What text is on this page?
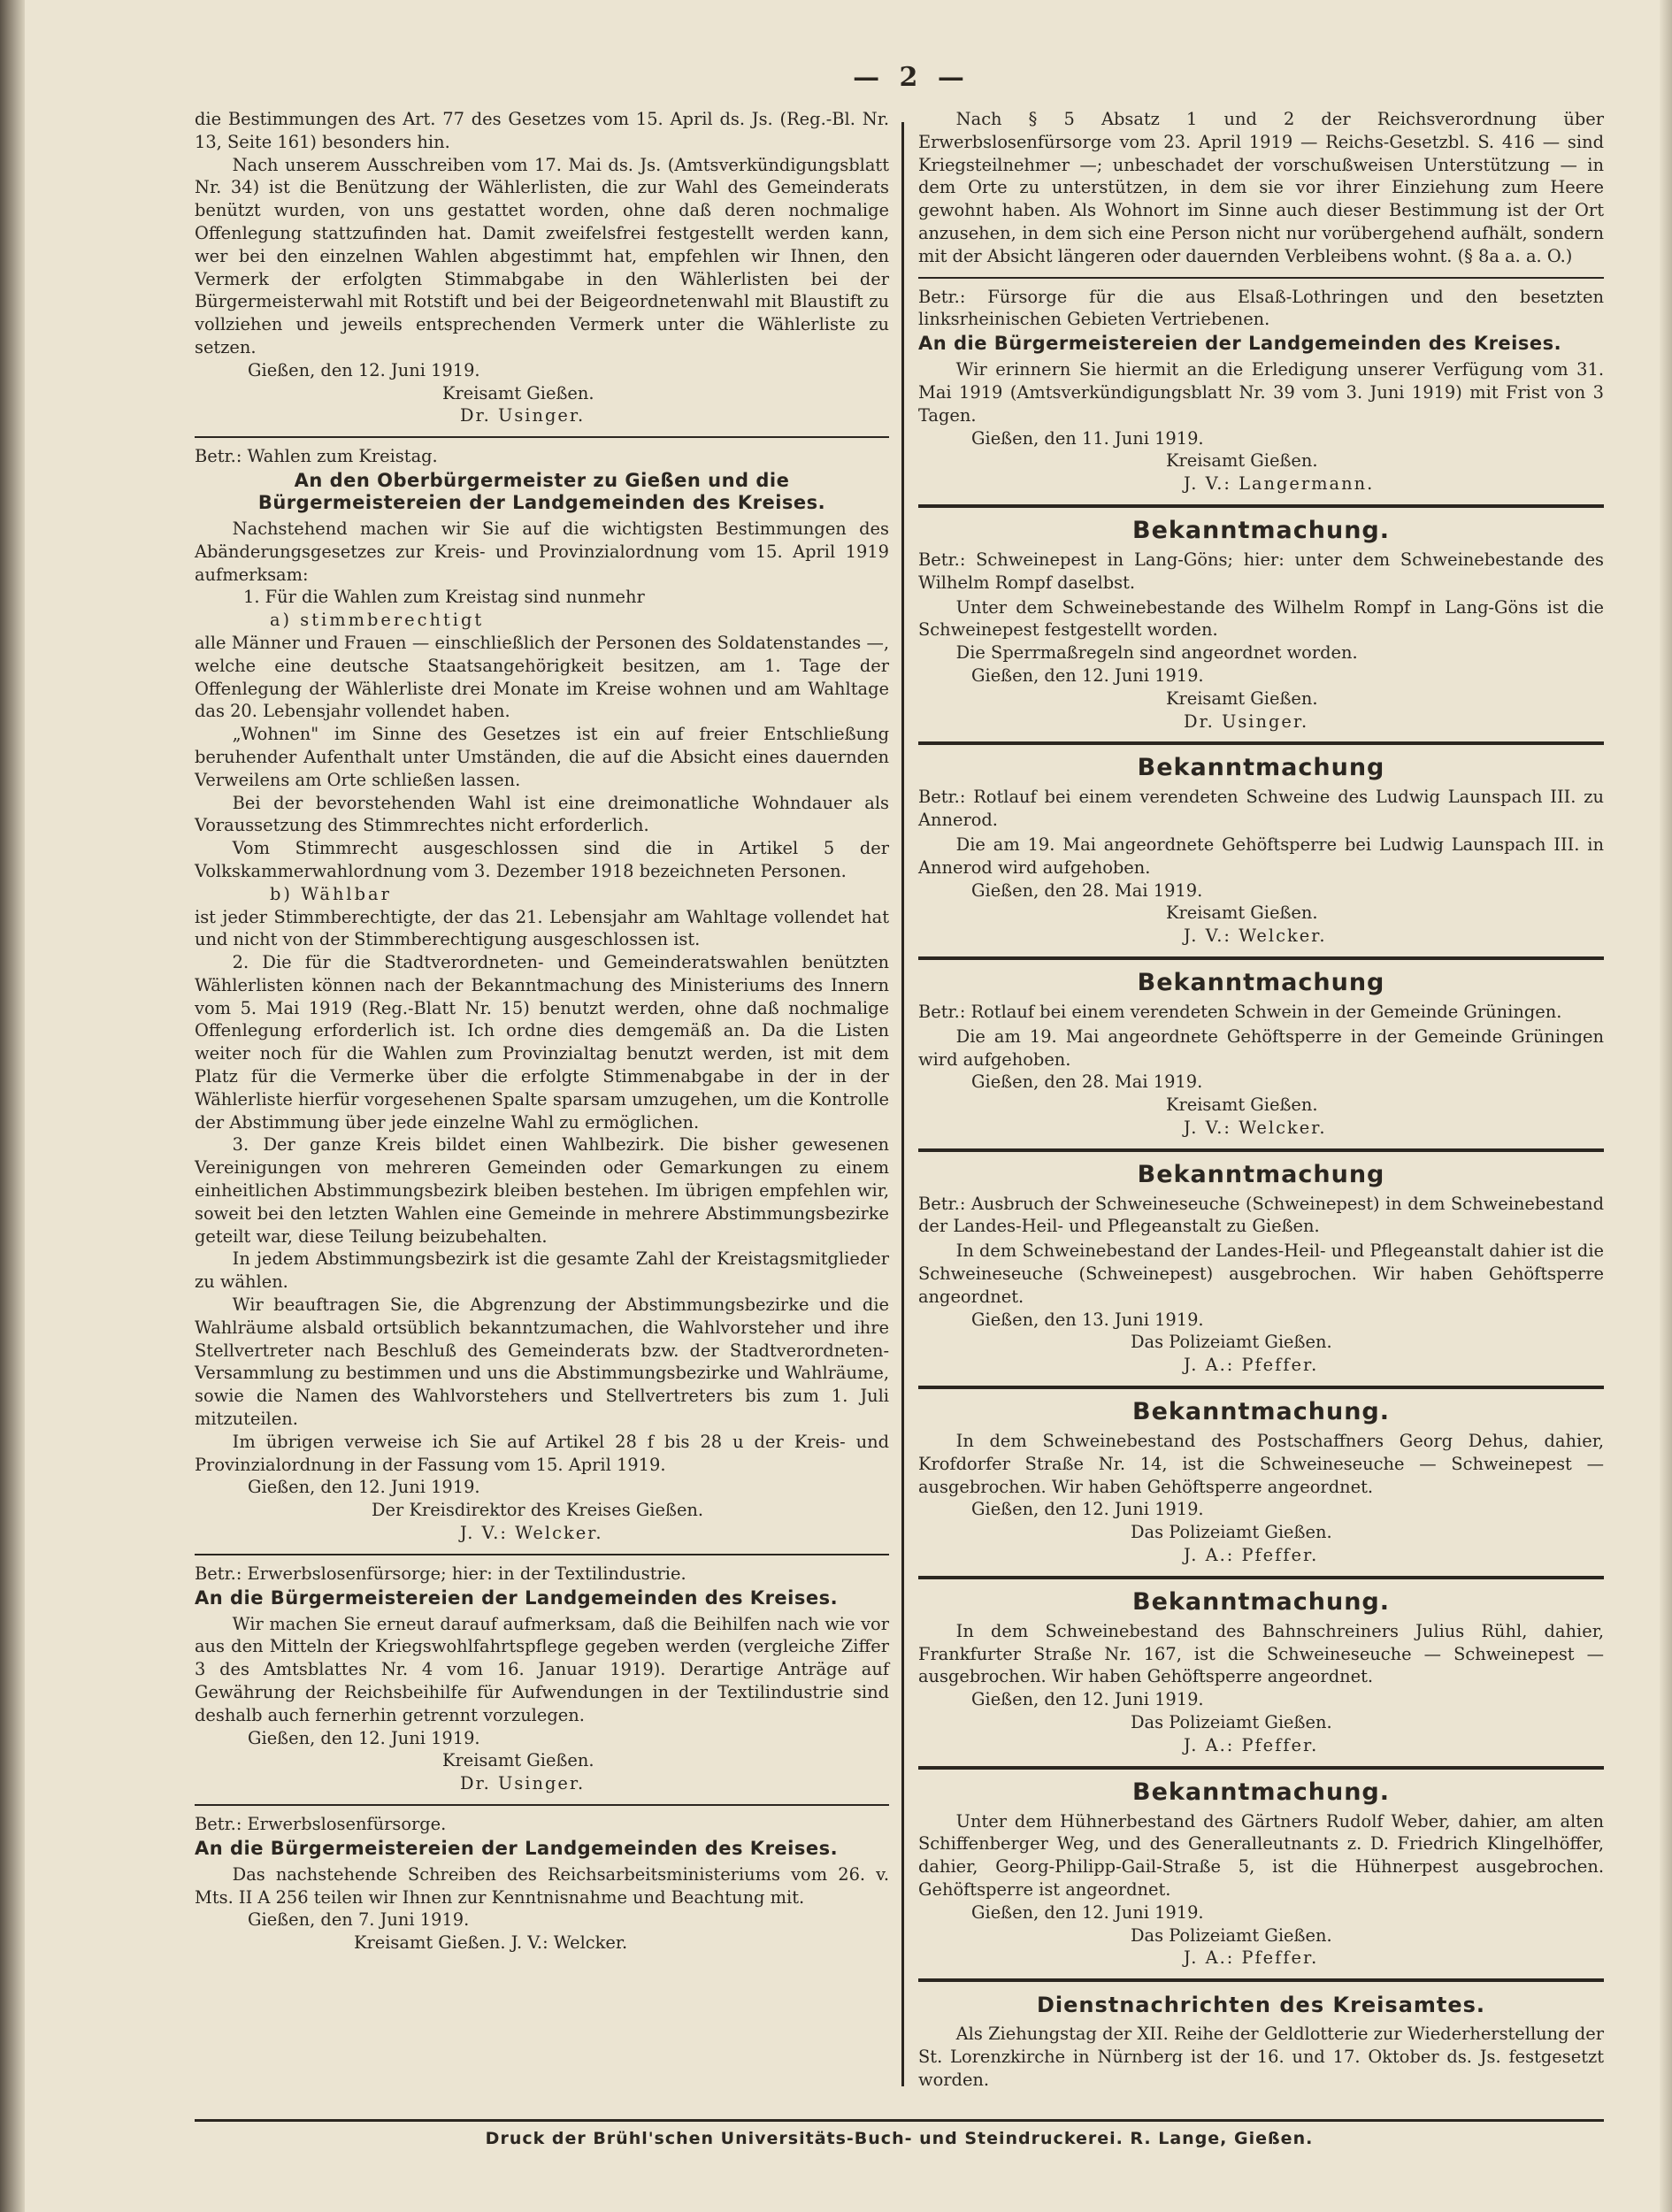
— 2 —

die Bestimmungen des Art. 77 des Gesetzes vom 15. April ds. Js. (Reg.-Bl. Nr. 13, Seite 161) besonders hin.

Nach unserem Ausschreiben vom 17. Mai ds. Js. (Amtsverkündigungsblatt Nr. 34) ist die Benützung der Wählerlisten, die zur Wahl des Gemeinderats benützt wurden, von uns gestattet worden, ohne daß deren nochmalige Offenlegung stattzufinden hat. Damit zweifelsfrei festgestellt werden kann, wer bei den einzelnen Wahlen abgestimmt hat, empfehlen wir Ihnen, den Vermerk der erfolgten Stimmabgabe in den Wählerlisten bei der Bürgermeisterwahl mit Rotstift und bei der Beigeordnetenwahl mit Blaustift zu vollziehen und jeweils entsprechenden Vermerk unter die Wählerliste zu setzen.

Gießen, den 12. Juni 1919.

Kreisamt Gießen.

Dr. Usinger.

Betr.: Wahlen zum Kreistag.

An den Oberbürgermeister zu Gießen und die Bürgermeistereien der Landgemeinden des Kreises.

Nachstehend machen wir Sie auf die wichtigsten Bestimmungen des Abänderungsgesetzes zur Kreis- und Provinzialordnung vom 15. April 1919 aufmerksam:

1. Für die Wahlen zum Kreistag sind nunmehr

a) stimmberechtigt

alle Männer und Frauen — einschließlich der Personen des Soldatenstandes —, welche eine deutsche Staatsangehörigkeit besitzen, am 1. Tage der Offenlegung der Wählerliste drei Monate im Kreise wohnen und am Wahltage das 20. Lebensjahr vollendet haben.

„Wohnen" im Sinne des Gesetzes ist ein auf freier Entschließung beruhender Aufenthalt unter Umständen, die auf die Absicht eines dauernden Verweilens am Orte schließen lassen.

Bei der bevorstehenden Wahl ist eine dreimonatliche Wohndauer als Voraussetzung des Stimmrechtes nicht erforderlich.

Vom Stimmrecht ausgeschlossen sind die in Artikel 5 der Volkskammerwahlordnung vom 3. Dezember 1918 bezeichneten Personen.

b) Wählbar

ist jeder Stimmberechtigte, der das 21. Lebensjahr am Wahltage vollendet hat und nicht von der Stimmberechtigung ausgeschlossen ist.

2. Die für die Stadtverordneten- und Gemeinderatswahlen benützten Wählerlisten können nach der Bekanntmachung des Ministeriums des Innern vom 5. Mai 1919 (Reg.-Blatt Nr. 15) benutzt werden, ohne daß nochmalige Offenlegung erforderlich ist. Ich ordne dies demgemäß an. Da die Listen weiter noch für die Wahlen zum Provinzialtag benutzt werden, ist mit dem Platz für die Vermerke über die erfolgte Stimmenabgabe in der in der Wählerliste hierfür vorgesehenen Spalte sparsam umzugehen, um die Kontrolle der Abstimmung über jede einzelne Wahl zu ermöglichen.

3. Der ganze Kreis bildet einen Wahlbezirk. Die bisher gewesenen Vereinigungen von mehreren Gemeinden oder Gemarkungen zu einem einheitlichen Abstimmungsbezirk bleiben bestehen. Im übrigen empfehlen wir, soweit bei den letzten Wahlen eine Gemeinde in mehrere Abstimmungsbezirke geteilt war, diese Teilung beizubehalten.

In jedem Abstimmungsbezirk ist die gesamte Zahl der Kreistagsmitglieder zu wählen.

Wir beauftragen Sie, die Abgrenzung der Abstimmungsbezirke und die Wahlräume alsbald ortsüblich bekanntzumachen, die Wahlvorsteher und ihre Stellvertreter nach Beschluß des Gemeinderats bzw. der Stadtverordneten-Versammlung zu bestimmen und uns die Abstimmungsbezirke und Wahlräume, sowie die Namen des Wahlvorstehers und Stellvertreters bis zum 1. Juli mitzuteilen.

Im übrigen verweise ich Sie auf Artikel 28 f bis 28 u der Kreis- und Provinzialordnung in der Fassung vom 15. April 1919.

Gießen, den 12. Juni 1919.

Der Kreisdirektor des Kreises Gießen.

J. V.: Welcker.

Betr.: Erwerbslosenfürsorge; hier: in der Textilindustrie.

An die Bürgermeistereien der Landgemeinden des Kreises.

Wir machen Sie erneut darauf aufmerksam, daß die Beihilfen nach wie vor aus den Mitteln der Kriegswohlfahrtspflege gegeben werden (vergleiche Ziffer 3 des Amtsblattes Nr. 4 vom 16. Januar 1919). Derartige Anträge auf Gewährung der Reichsbeihilfe für Aufwendungen in der Textilindustrie sind deshalb auch fernerhin getrennt vorzulegen.

Gießen, den 12. Juni 1919.

Kreisamt Gießen.

Dr. Usinger.

Betr.: Erwerbslosenfürsorge.

An die Bürgermeistereien der Landgemeinden des Kreises.

Das nachstehende Schreiben des Reichsarbeitsministeriums vom 26. v. Mts. II A 256 teilen wir Ihnen zur Kenntnisnahme und Beachtung mit.

Gießen, den 7. Juni 1919.

Kreisamt Gießen. J. V.: Welcker.

Nach § 5 Absatz 1 und 2 der Reichsverordnung über Erwerbslosenfürsorge vom 23. April 1919 — Reichs-Gesetzbl. S. 416 — sind Kriegsteilnehmer —; unbeschadet der vorschußweisen Unterstützung — in dem Orte zu unterstützen, in dem sie vor ihrer Einziehung zum Heere gewohnt haben. Als Wohnort im Sinne auch dieser Bestimmung ist der Ort anzusehen, in dem sich eine Person nicht nur vorübergehend aufhält, sondern mit der Absicht längeren oder dauernden Verbleibens wohnt. (§ 8a a. a. O.)

Betr.: Fürsorge für die aus Elsaß-Lothringen und den besetzten linksrheinischen Gebieten Vertriebenen.

An die Bürgermeistereien der Landgemeinden des Kreises.

Wir erinnern Sie hiermit an die Erledigung unserer Verfügung vom 31. Mai 1919 (Amtsverkündigungsblatt Nr. 39 vom 3. Juni 1919) mit Frist von 3 Tagen.

Gießen, den 11. Juni 1919.

Kreisamt Gießen.

J. V.: Langermann.

Bekanntmachung.

Betr.: Schweinepest in Lang-Göns; hier: unter dem Schweinebestande des Wilhelm Rompf daselbst.

Unter dem Schweinebestande des Wilhelm Rompf in Lang-Göns ist die Schweinepest festgestellt worden.

Die Sperrmaßregeln sind angeordnet worden.

Gießen, den 12. Juni 1919.

Kreisamt Gießen.

Dr. Usinger.

Bekanntmachung

Betr.: Rotlauf bei einem verendeten Schweine des Ludwig Launspach III. zu Annerod.

Die am 19. Mai angeordnete Gehöftsperre bei Ludwig Launspach III. in Annerod wird aufgehoben.

Gießen, den 28. Mai 1919.

Kreisamt Gießen.

J. V.: Welcker.

Bekanntmachung

Betr.: Rotlauf bei einem verendeten Schwein in der Gemeinde Grüningen.

Die am 19. Mai angeordnete Gehöftsperre in der Gemeinde Grüningen wird aufgehoben.

Gießen, den 28. Mai 1919.

Kreisamt Gießen.

J. V.: Welcker.

Bekanntmachung

Betr.: Ausbruch der Schweineseuche (Schweinepest) in dem Schweinebestand der Landes-Heil- und Pflegeanstalt zu Gießen.

In dem Schweinebestand der Landes-Heil- und Pflegeanstalt dahier ist die Schweineseuche (Schweinepest) ausgebrochen. Wir haben Gehöftsperre angeordnet.

Gießen, den 13. Juni 1919.

Das Polizeiamt Gießen.

J. A.: Pfeffer.

Bekanntmachung.

In dem Schweinebestand des Postschaffners Georg Dehus, dahier, Krofdorfer Straße Nr. 14, ist die Schweineseuche — Schweinepest — ausgebrochen. Wir haben Gehöftsperre angeordnet.

Gießen, den 12. Juni 1919.

Das Polizeiamt Gießen.

J. A.: Pfeffer.

Bekanntmachung.

In dem Schweinebestand des Bahnschreiners Julius Rühl, dahier, Frankfurter Straße Nr. 167, ist die Schweineseuche — Schweinepest — ausgebrochen. Wir haben Gehöftsperre angeordnet.

Gießen, den 12. Juni 1919.

Das Polizeiamt Gießen.

J. A.: Pfeffer.

Bekanntmachung.

Unter dem Hühnerbestand des Gärtners Rudolf Weber, dahier, am alten Schiffenberger Weg, und des Generalleutnants z. D. Friedrich Klingelhöffer, dahier, Georg-Philipp-Gail-Straße 5, ist die Hühnerpest ausgebrochen. Gehöftsperre ist angeordnet.

Gießen, den 12. Juni 1919.

Das Polizeiamt Gießen.

J. A.: Pfeffer.

Dienstnachrichten des Kreisamtes.

Als Ziehungstag der XII. Reihe der Geldlotterie zur Wiederherstellung der St. Lorenzkirche in Nürnberg ist der 16. und 17. Oktober ds. Js. festgesetzt worden.

Druck der Brühl'schen Universitäts-Buch- und Steindruckerei. R. Lange, Gießen.
